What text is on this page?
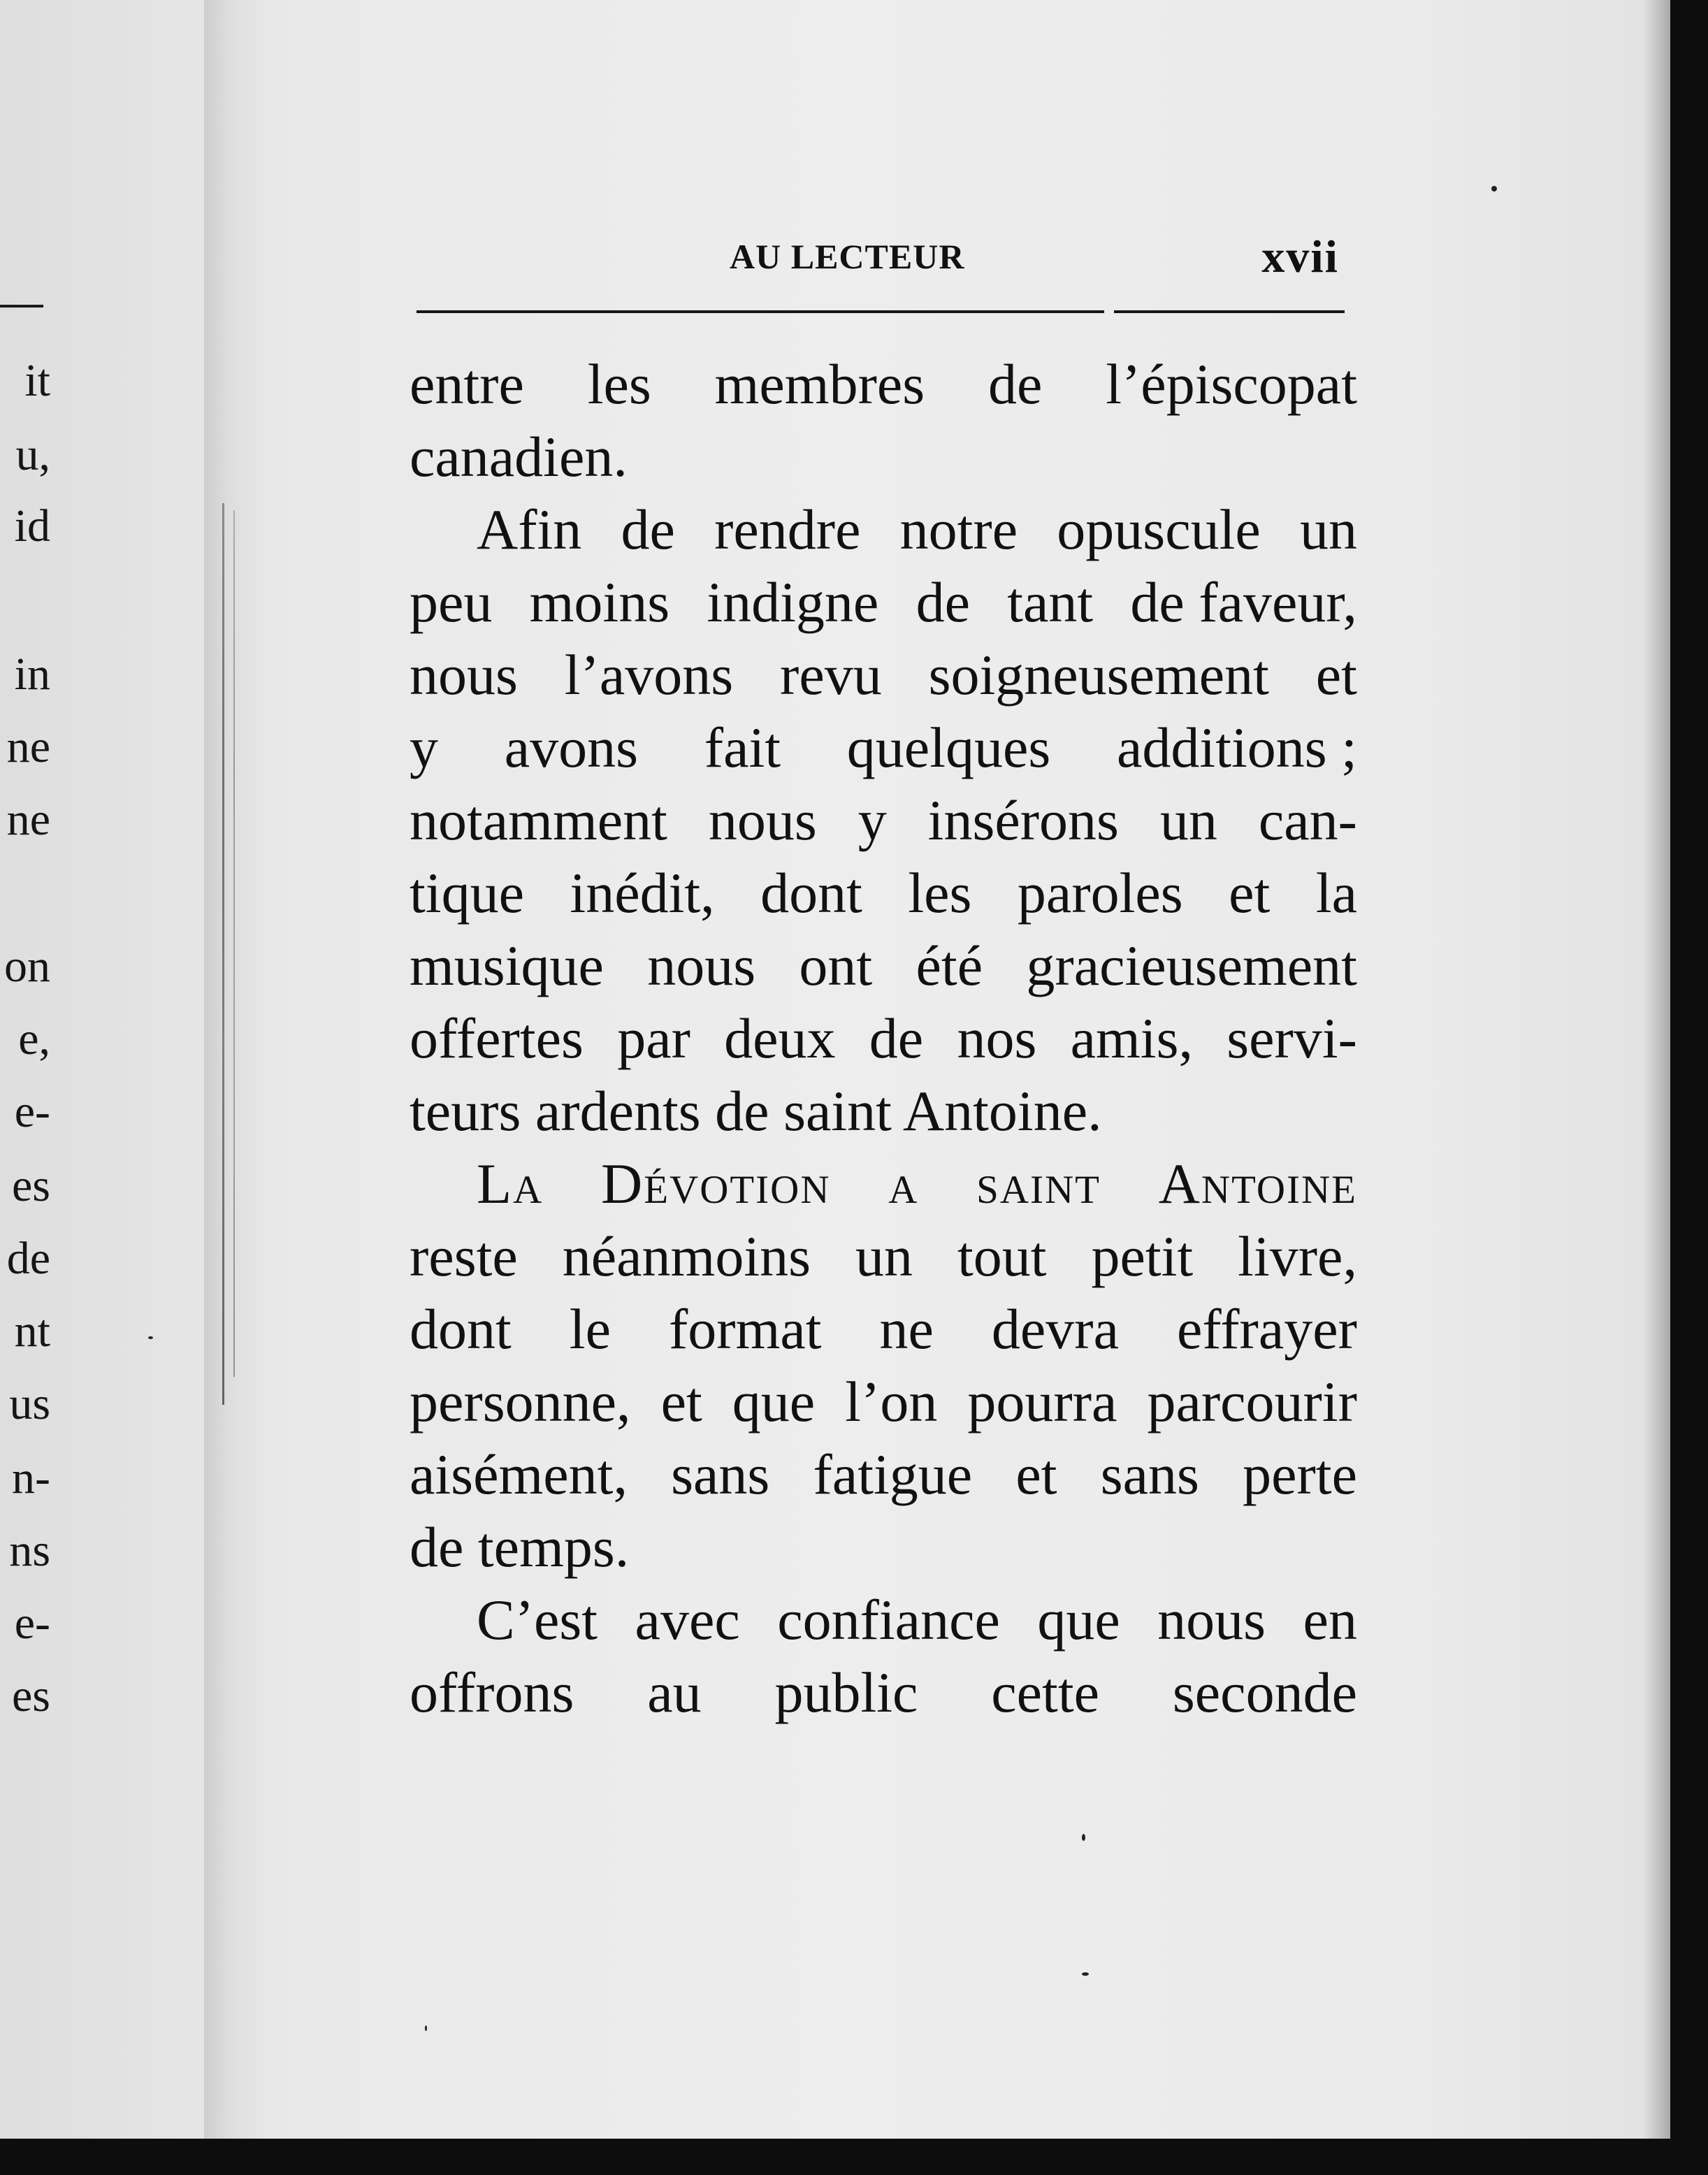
it
u,
id
in
ne
ne
on
e,
e-
es
de
nt
us
n-
ns
e-
es
AU LECTEUR	xvii
entre les membres de l’épiscopat
canadien.
Afin de rendre notre opuscule un
peu moins indigne de tant de faveur,
nous l’avons revu soigneusement et
y avons fait quelques additions ;
notamment nous y insérons un can-
tique inédit, dont les paroles et la
musique nous ont été gracieusement
offertes par deux de nos amis, servi-
teurs ardents de saint Antoine.
La Dévotion a saint Antoine
reste néanmoins un tout petit livre,
dont le format ne devra effrayer
personne, et que l’on pourra parcourir
aisément, sans fatigue et sans perte
de temps.
C’est avec confiance que nous en
offrons au public cette seconde
